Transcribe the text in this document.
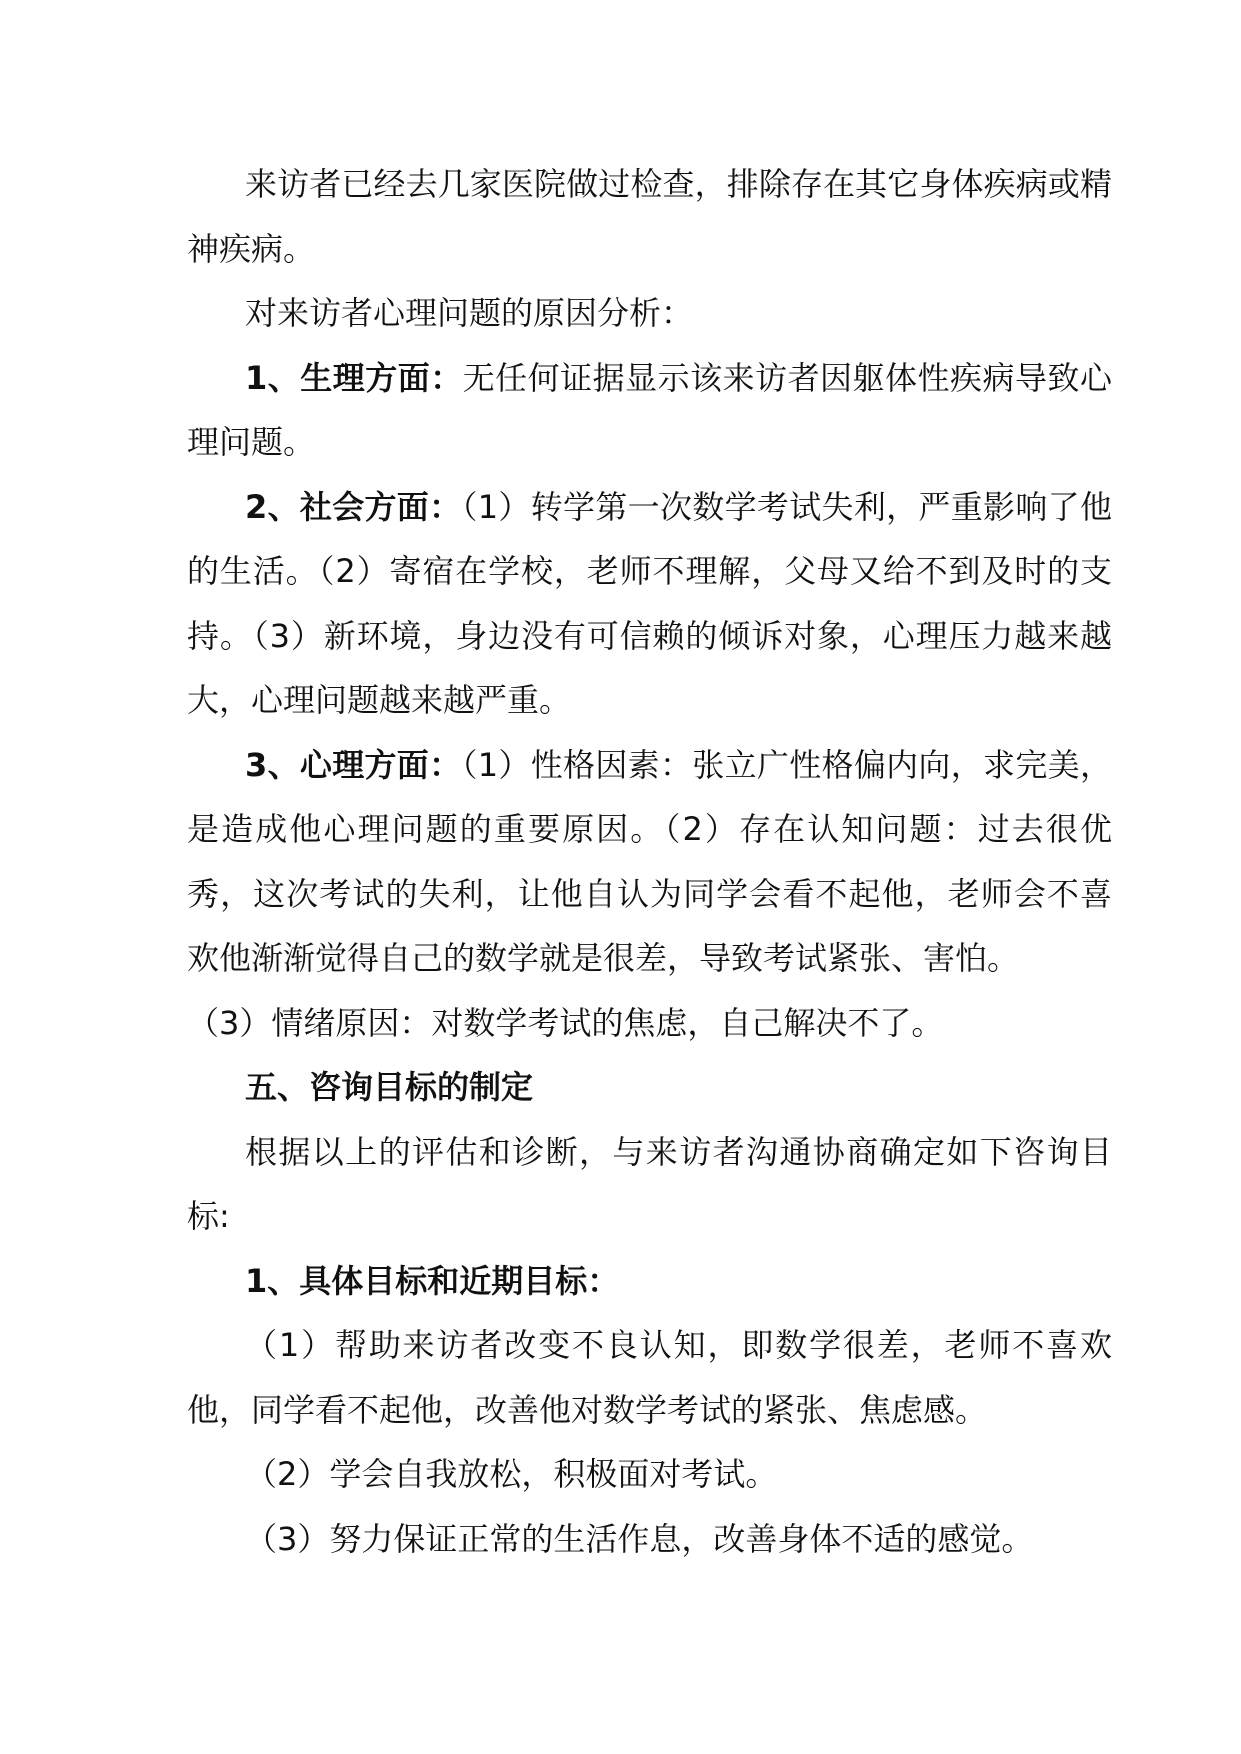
来访者已经去几家医院做过检查，排除存在其它身体疾病或精神疾病。

对来访者心理问题的原因分析：

1、生理方面：无任何证据显示该来访者因躯体性疾病导致心理问题。

2、社会方面：（1）转学第一次数学考试失利，严重影响了他的生活。（2）寄宿在学校，老师不理解，父母又给不到及时的支持。（3）新环境，身边没有可信赖的倾诉对象，心理压力越来越大，心理问题越来越严重。

3、心理方面：（1）性格因素：张立广性格偏内向，求完美，是造成他心理问题的重要原因。（2）存在认知问题：过去很优秀，这次考试的失利，让他自认为同学会看不起他，老师会不喜欢他渐渐觉得自己的数学就是很差，导致考试紧张、害怕。

（3）情绪原因：对数学考试的焦虑，自己解决不了。

五、咨询目标的制定

根据以上的评估和诊断，与来访者沟通协商确定如下咨询目标:

1、具体目标和近期目标：

（1）帮助来访者改变不良认知，即数学很差，老师不喜欢他，同学看不起他，改善他对数学考试的紧张、焦虑感。

（2）学会自我放松，积极面对考试。

（3）努力保证正常的生活作息，改善身体不适的感觉。
